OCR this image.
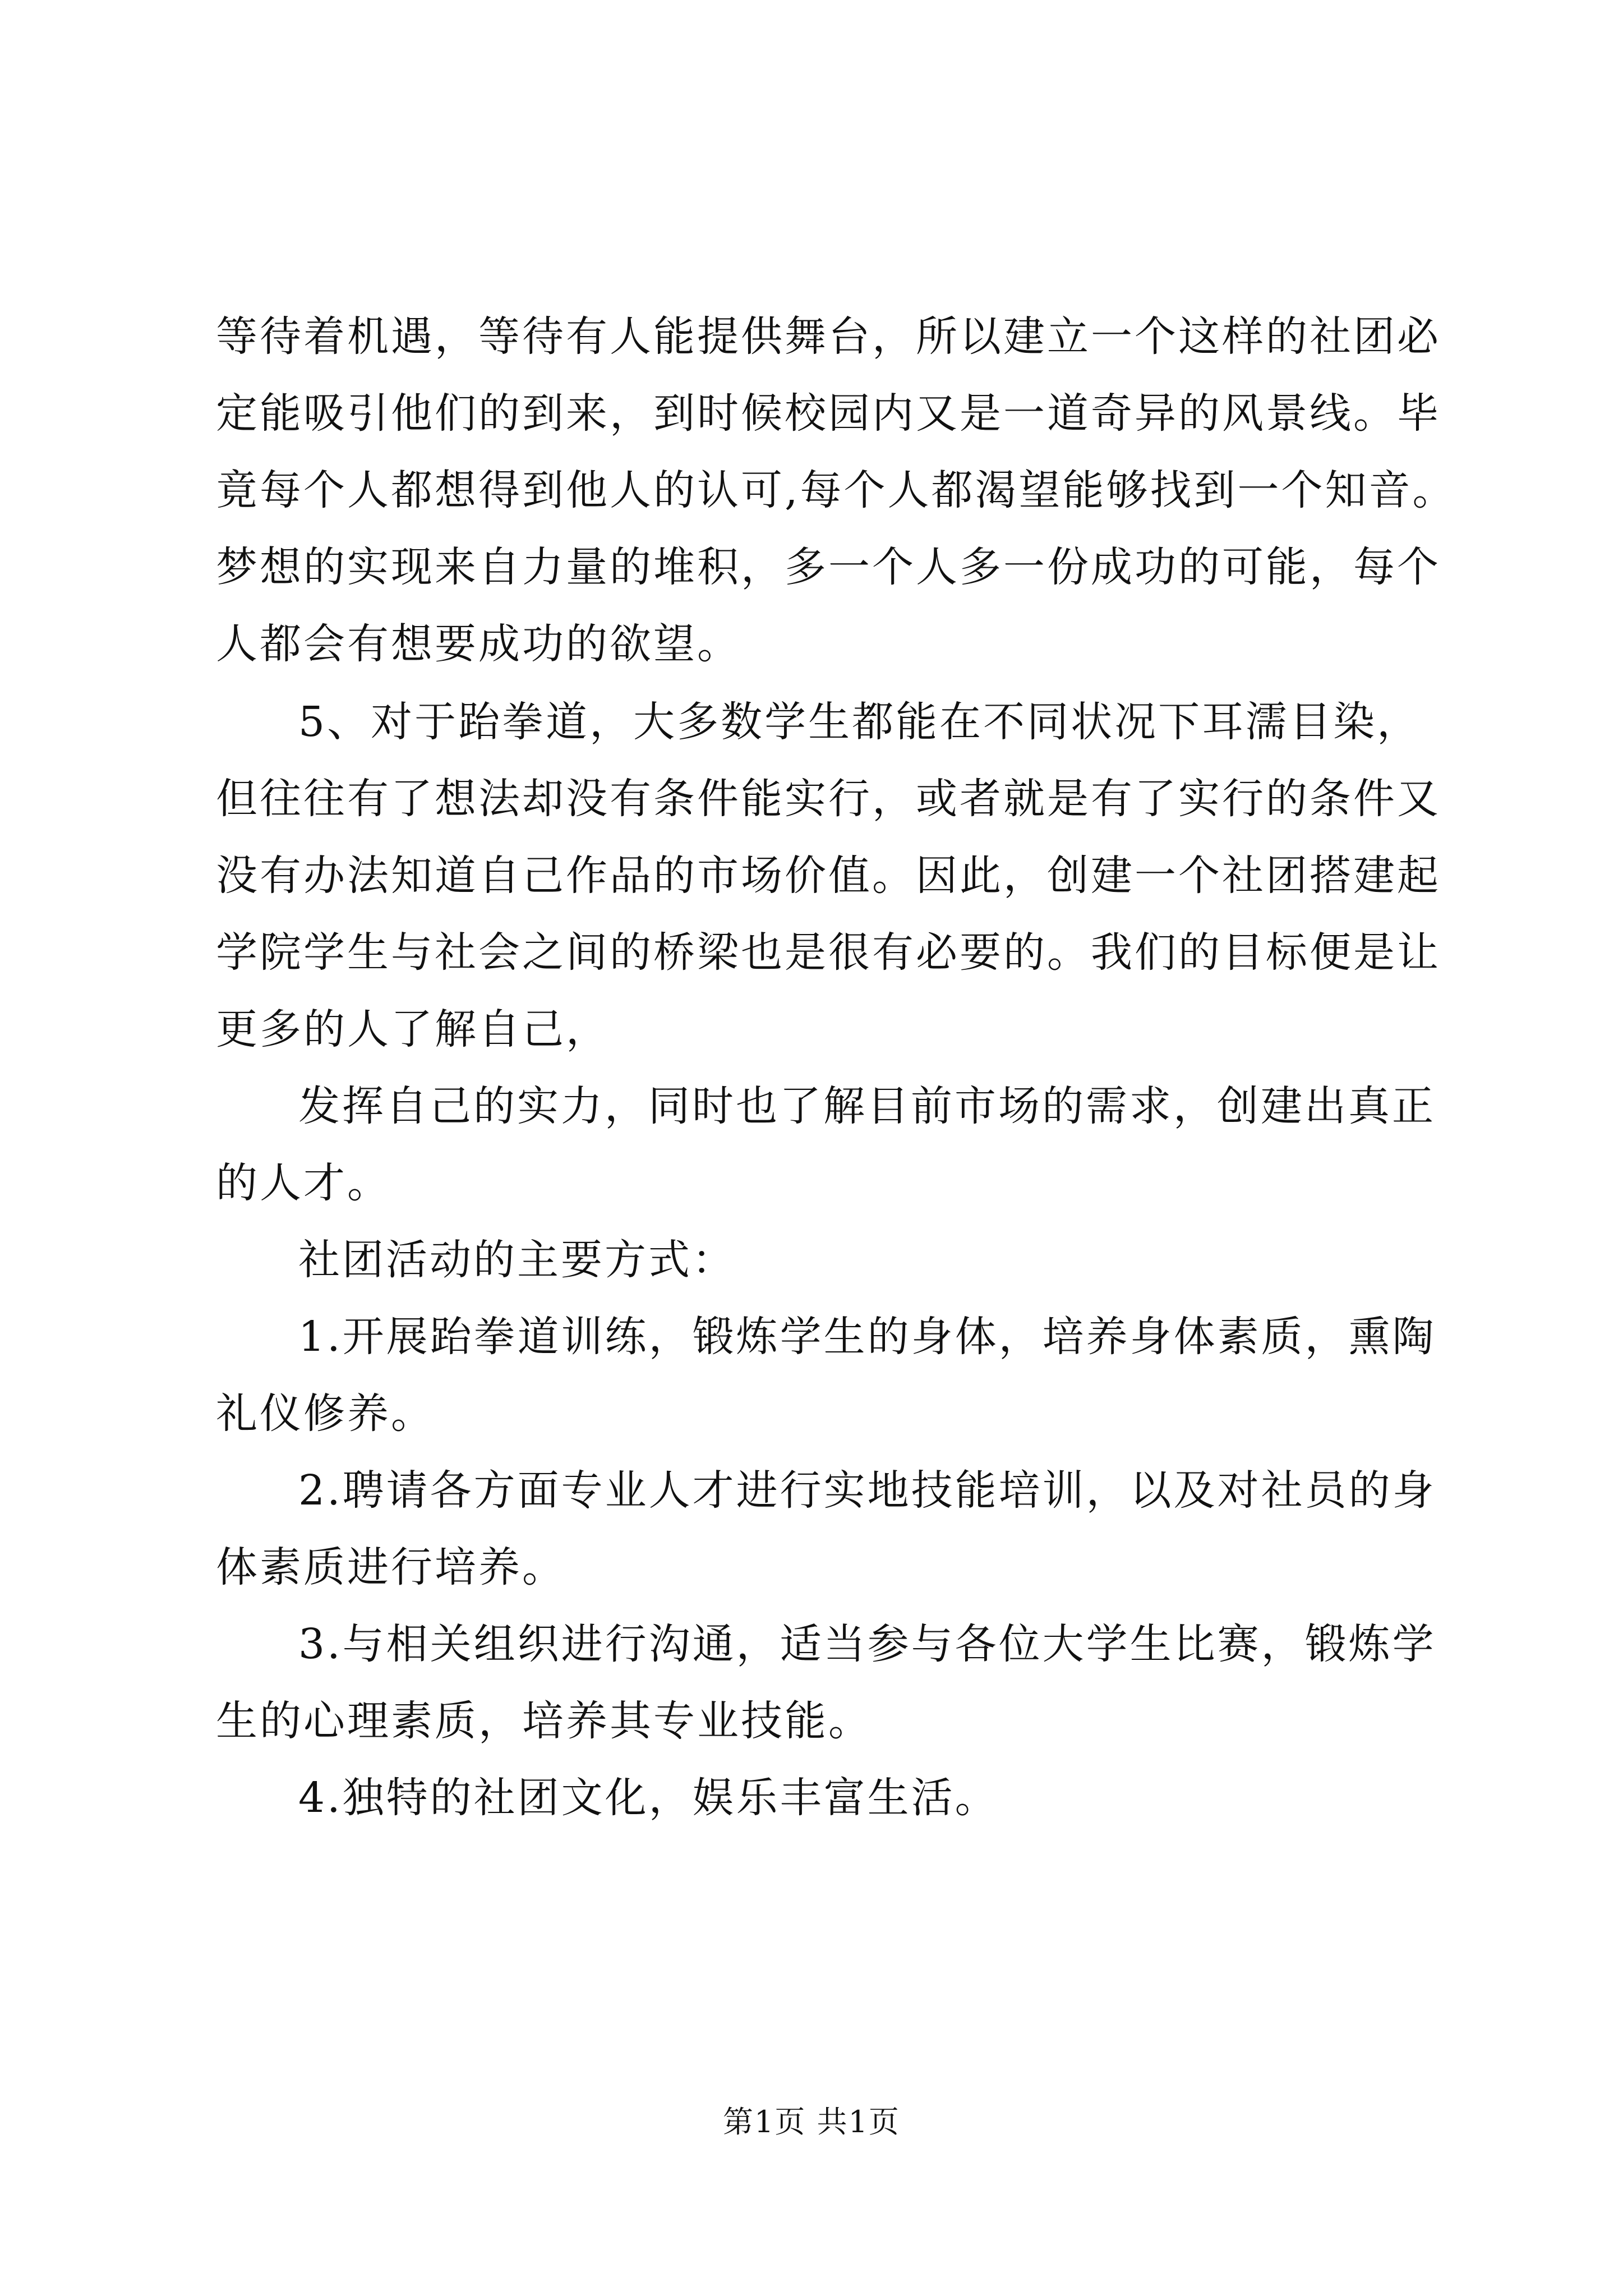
等待着机遇，等待有人能提供舞台，所以建立一个这样的社团必
定能吸引他们的到来，到时候校园内又是一道奇异的风景线。毕
竟每个人都想得到他人的认可,每个人都渴望能够找到一个知音。
梦想的实现来自力量的堆积，多一个人多一份成功的可能，每个
人都会有想要成功的欲望。
5、对于跆拳道，大多数学生都能在不同状况下耳濡目染，
但往往有了想法却没有条件能实行，或者就是有了实行的条件又
没有办法知道自己作品的市场价值。因此，创建一个社团搭建起
学院学生与社会之间的桥梁也是很有必要的。我们的目标便是让
更多的人了解自己，
发挥自己的实力，同时也了解目前市场的需求，创建出真正
的人才。
社团活动的主要方式：
1.开展跆拳道训练，锻炼学生的身体，培养身体素质，熏陶
礼仪修养。
2.聘请各方面专业人才进行实地技能培训，以及对社员的身
体素质进行培养。
3.与相关组织进行沟通，适当参与各位大学生比赛，锻炼学
生的心理素质，培养其专业技能。
4.独特的社团文化，娱乐丰富生活。
第1页 共1页
